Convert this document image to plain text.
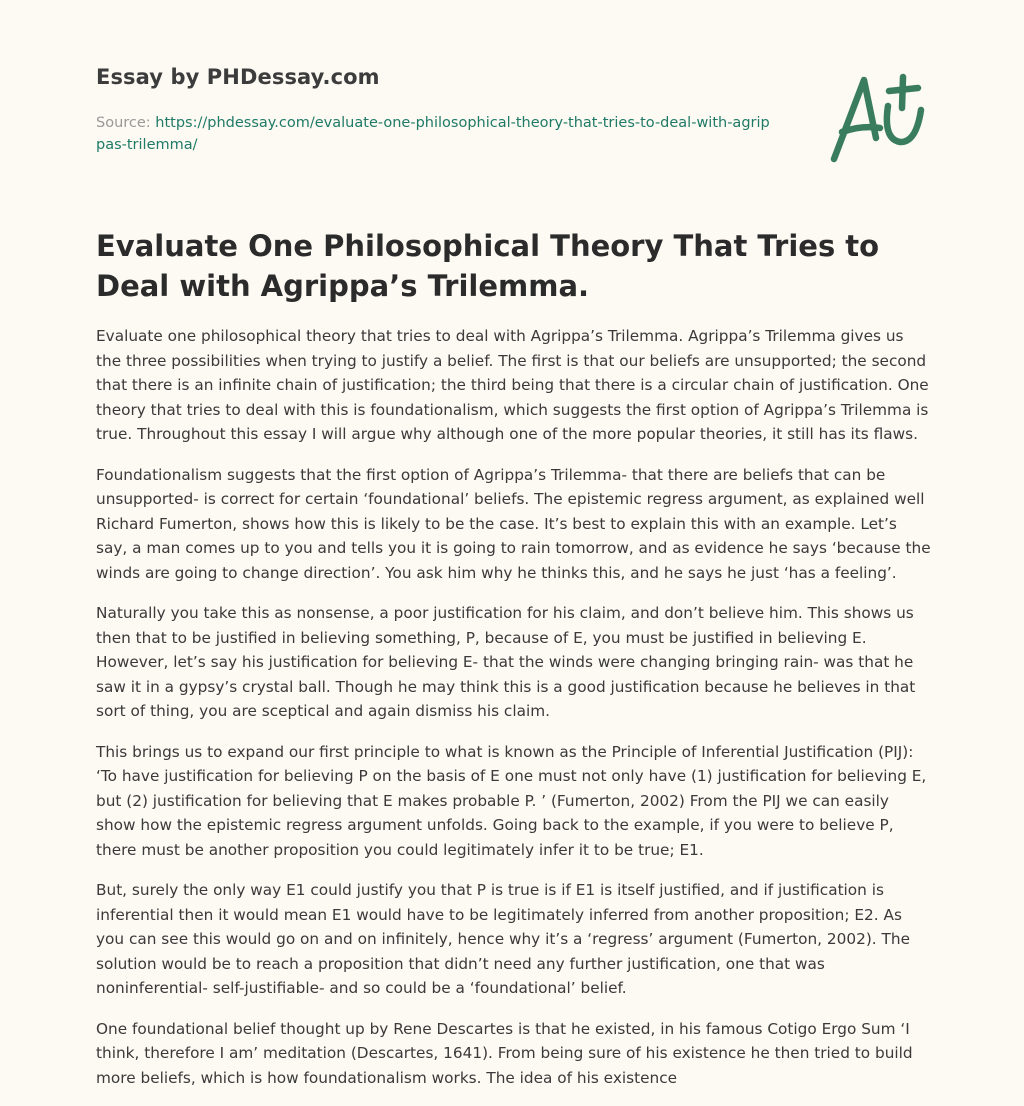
Essay by PHDessay.com
Source: https://phdessay.com/evaluate-one-philosophical-theory-that-tries-to-deal-with-agrippas-trilemma/
Evaluate One Philosophical Theory That Tries to Deal with Agrippa’s Trilemma.

Evaluate one philosophical theory that tries to deal with Agrippa’s Trilemma. Agrippa’s Trilemma gives us the three possibilities when trying to justify a belief. The first is that our beliefs are unsupported; the second that there is an infinite chain of justification; the third being that there is a circular chain of justification. One theory that tries to deal with this is foundationalism, which suggests the first option of Agrippa’s Trilemma is true. Throughout this essay I will argue why although one of the more popular theories, it still has its flaws.

Foundationalism suggests that the first option of Agrippa’s Trilemma- that there are beliefs that can be unsupported- is correct for certain ‘foundational’ beliefs. The epistemic regress argument, as explained well Richard Fumerton, shows how this is likely to be the case. It’s best to explain this with an example. Let’s say, a man comes up to you and tells you it is going to rain tomorrow, and as evidence he says ‘because the winds are going to change direction’. You ask him why he thinks this, and he says he just ‘has a feeling’.

Naturally you take this as nonsense, a poor justification for his claim, and don’t believe him. This shows us then that to be justified in believing something, P, because of E, you must be justified in believing E. However, let’s say his justification for believing E- that the winds were changing bringing rain- was that he saw it in a gypsy’s crystal ball. Though he may think this is a good justification because he believes in that sort of thing, you are sceptical and again dismiss his claim.

This brings us to expand our first principle to what is known as the Principle of Inferential Justification (PIJ): ‘To have justification for believing P on the basis of E one must not only have (1) justification for believing E, but (2) justification for believing that E makes probable P. ’ (Fumerton, 2002) From the PIJ we can easily show how the epistemic regress argument unfolds. Going back to the example, if you were to believe P, there must be another proposition you could legitimately infer it to be true; E1.

But, surely the only way E1 could justify you that P is true is if E1 is itself justified, and if justification is inferential then it would mean E1 would have to be legitimately inferred from another proposition; E2. As you can see this would go on and on infinitely, hence why it’s a ‘regress’ argument (Fumerton, 2002). The solution would be to reach a proposition that didn’t need any further justification, one that was noninferential- self-justifiable- and so could be a ‘foundational’ belief.

One foundational belief thought up by Rene Descartes is that he existed, in his famous Cotigo Ergo Sum ‘I think, therefore I am’ meditation (Descartes, 1641). From being sure of his existence he then tried to build more beliefs, which is how foundationalism works. The idea of his existence
